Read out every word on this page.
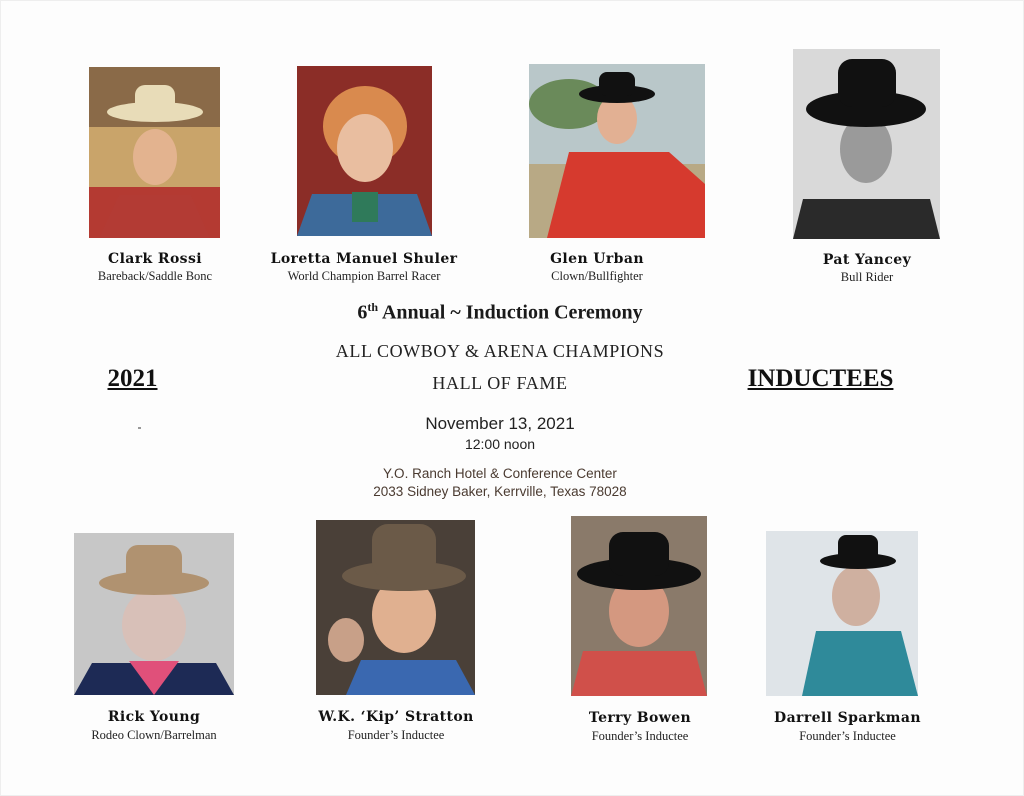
Clark Rossi
Bareback/Saddle Bonc
Loretta Manuel Shuler
World Champion Barrel Racer
Glen Urban
Clown/Bullfighter
Pat Yancey
Bull Rider
6th Annual ~ Induction Ceremony
ALL COWBOY & ARENA CHAMPIONS
HALL OF FAME
2021	INDUCTEES
November 13, 2021
12:00 noon
Y.O. Ranch Hotel & Conference Center
2033 Sidney Baker, Kerrville, Texas 78028
Rick Young
Rodeo Clown/Barrelman
W.K. ‘Kip’ Stratton
Founder’s Inductee
Terry Bowen
Founder’s Inductee
Darrell Sparkman
Founder’s Inductee
